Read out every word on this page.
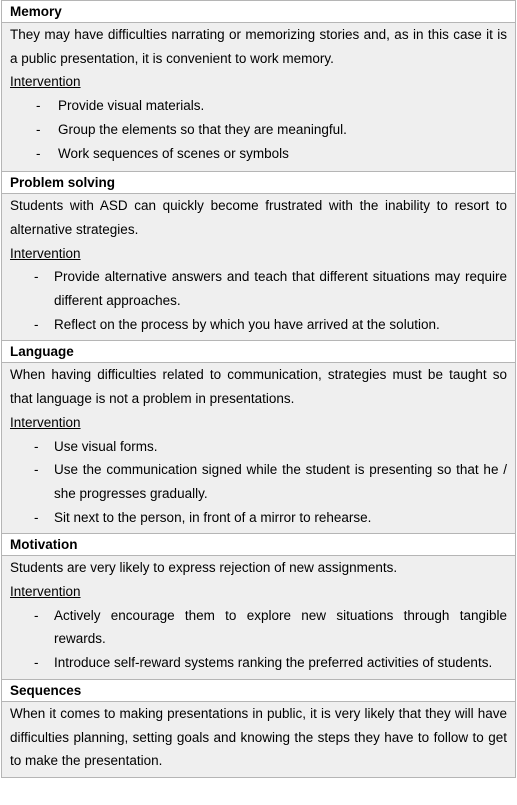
Memory
They may have difficulties narrating or memorizing stories and, as in this case it is a public presentation, it is convenient to work memory.
Intervention
- Provide visual materials.
- Group the elements so that they are meaningful.
- Work sequences of scenes or symbols
Problem solving
Students with ASD can quickly become frustrated with the inability to resort to alternative strategies.
Intervention
- Provide alternative answers and teach that different situations may require different approaches.
- Reflect on the process by which you have arrived at the solution.
Language
When having difficulties related to communication, strategies must be taught so that language is not a problem in presentations.
Intervention
- Use visual forms.
- Use the communication signed while the student is presenting so that he / she progresses gradually.
- Sit next to the person, in front of a mirror to rehearse.
Motivation
Students are very likely to express rejection of new assignments.
Intervention
- Actively encourage them to explore new situations through tangible rewards.
- Introduce self-reward systems ranking the preferred activities of students.
Sequences
When it comes to making presentations in public, it is very likely that they will have difficulties planning, setting goals and knowing the steps they have to follow to get to make the presentation.
